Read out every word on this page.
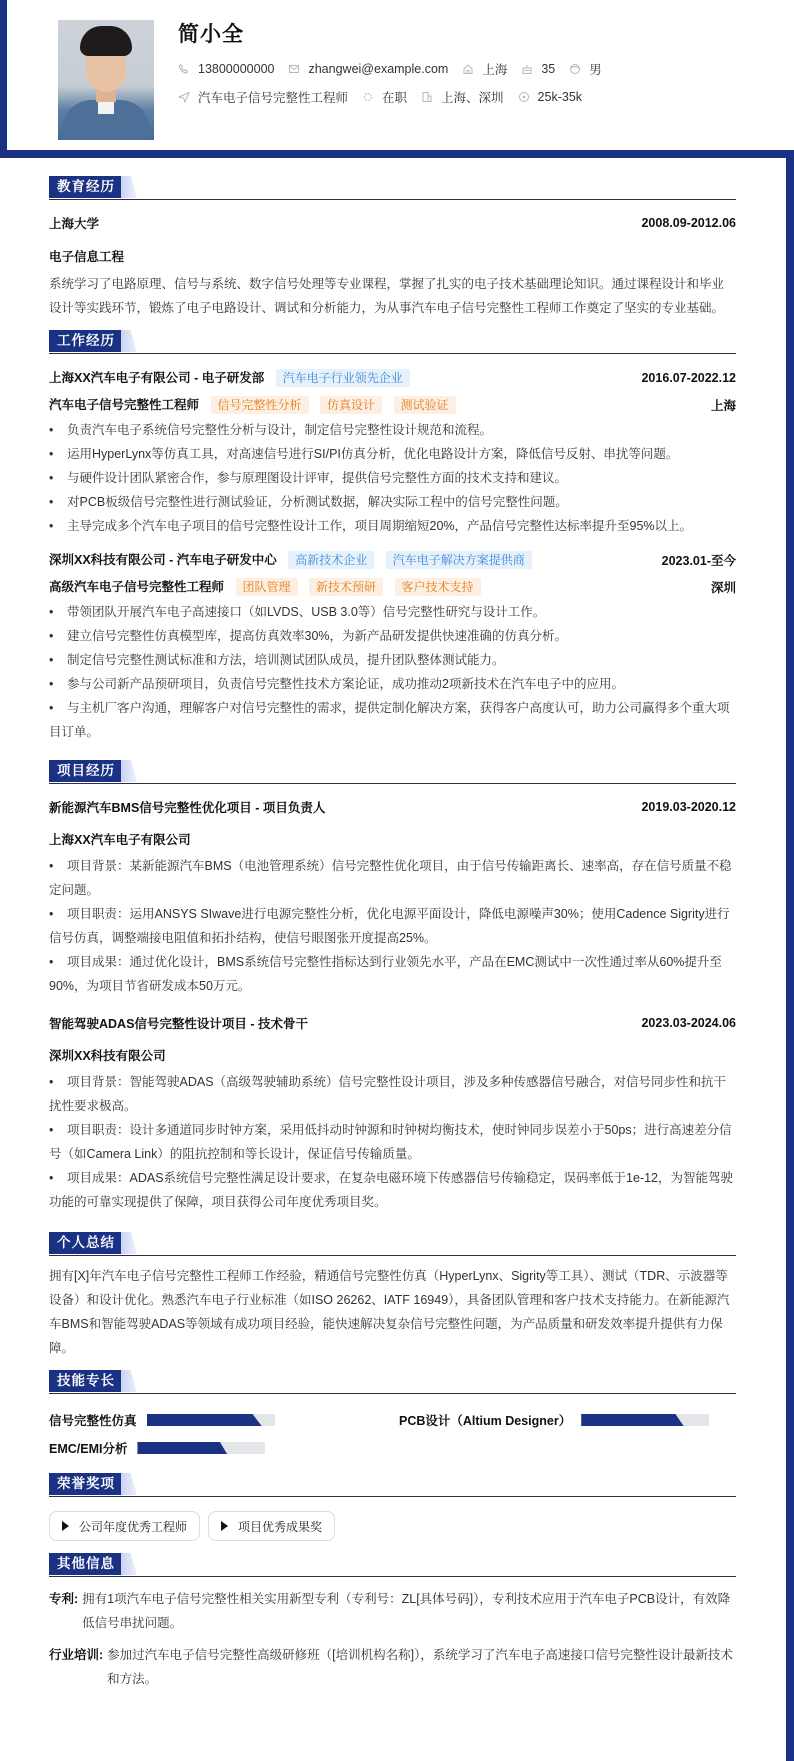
简小全
13800000000	zhangwei@example.com	上海	35	男
汽车电子信号完整性工程师	在职	上海、深圳	25k-35k
教育经历
上海大学	2008.09-2012.06
电子信息工程
系统学习了电路原理、信号与系统、数字信号处理等专业课程，掌握了扎实的电子技术基础理论知识。通过课程设计和毕业设计等实践环节，锻炼了电子电路设计、调试和分析能力，为从事汽车电子信号完整性工程师工作奠定了坚实的专业基础。
工作经历
上海XX汽车电子有限公司 - 电子研发部 汽车电子行业领先企业	2016.07-2022.12
汽车电子信号完整性工程师 信号完整性分析 仿真设计 测试验证	上海
• 负责汽车电子系统信号完整性分析与设计，制定信号完整性设计规范和流程。
• 运用HyperLynx等仿真工具，对高速信号进行SI/PI仿真分析，优化电路设计方案，降低信号反射、串扰等问题。
• 与硬件设计团队紧密合作，参与原理图设计评审，提供信号完整性方面的技术支持和建议。
• 对PCB板级信号完整性进行测试验证，分析测试数据，解决实际工程中的信号完整性问题。
• 主导完成多个汽车电子项目的信号完整性设计工作，项目周期缩短20%，产品信号完整性达标率提升至95%以上。
深圳XX科技有限公司 - 汽车电子研发中心 高新技术企业 汽车电子解决方案提供商	2023.01-至今
高级汽车电子信号完整性工程师 团队管理 新技术预研 客户技术支持	深圳
• 带领团队开展汽车电子高速接口（如LVDS、USB 3.0等）信号完整性研究与设计工作。
• 建立信号完整性仿真模型库，提高仿真效率30%，为新产品研发提供快速准确的仿真分析。
• 制定信号完整性测试标准和方法，培训测试团队成员，提升团队整体测试能力。
• 参与公司新产品预研项目，负责信号完整性技术方案论证，成功推动2项新技术在汽车电子中的应用。
• 与主机厂客户沟通，理解客户对信号完整性的需求，提供定制化解决方案，获得客户高度认可，助力公司赢得多个重大项目订单。
项目经历
新能源汽车BMS信号完整性优化项目 - 项目负责人	2019.03-2020.12
上海XX汽车电子有限公司
• 项目背景：某新能源汽车BMS（电池管理系统）信号完整性优化项目，由于信号传输距离长、速率高，存在信号质量不稳定问题。
• 项目职责：运用ANSYS SIwave进行电源完整性分析，优化电源平面设计，降低电源噪声30%；使用Cadence Sigrity进行信号仿真，调整端接电阻值和拓扑结构，使信号眼图张开度提高25%。
• 项目成果：通过优化设计，BMS系统信号完整性指标达到行业领先水平，产品在EMC测试中一次性通过率从60%提升至90%，为项目节省研发成本50万元。
智能驾驶ADAS信号完整性设计项目 - 技术骨干	2023.03-2024.06
深圳XX科技有限公司
• 项目背景：智能驾驶ADAS（高级驾驶辅助系统）信号完整性设计项目，涉及多种传感器信号融合，对信号同步性和抗干扰性要求极高。
• 项目职责：设计多通道同步时钟方案，采用低抖动时钟源和时钟树均衡技术，使时钟同步误差小于50ps；进行高速差分信号（如Camera Link）的阻抗控制和等长设计，保证信号传输质量。
• 项目成果：ADAS系统信号完整性满足设计要求，在复杂电磁环境下传感器信号传输稳定，误码率低于1e-12，为智能驾驶功能的可靠实现提供了保障，项目获得公司年度优秀项目奖。
个人总结
拥有[X]年汽车电子信号完整性工程师工作经验，精通信号完整性仿真（HyperLynx、Sigrity等工具）、测试（TDR、示波器等设备）和设计优化。熟悉汽车电子行业标准（如ISO 26262、IATF 16949），具备团队管理和客户技术支持能力。在新能源汽车BMS和智能驾驶ADAS等领域有成功项目经验，能快速解决复杂信号完整性问题，为产品质量和研发效率提升提供有力保障。
技能专长
信号完整性仿真	PCB设计（Altium Designer）
EMC/EMI分析
荣誉奖项
公司年度优秀工程师	项目优秀成果奖
其他信息
专利: 拥有1项汽车电子信号完整性相关实用新型专利（专利号：ZL[具体号码]），专利技术应用于汽车电子PCB设计，有效降低信号串扰问题。
行业培训: 参加过汽车电子信号完整性高级研修班（[培训机构名称]），系统学习了汽车电子高速接口信号完整性设计最新技术和方法。
